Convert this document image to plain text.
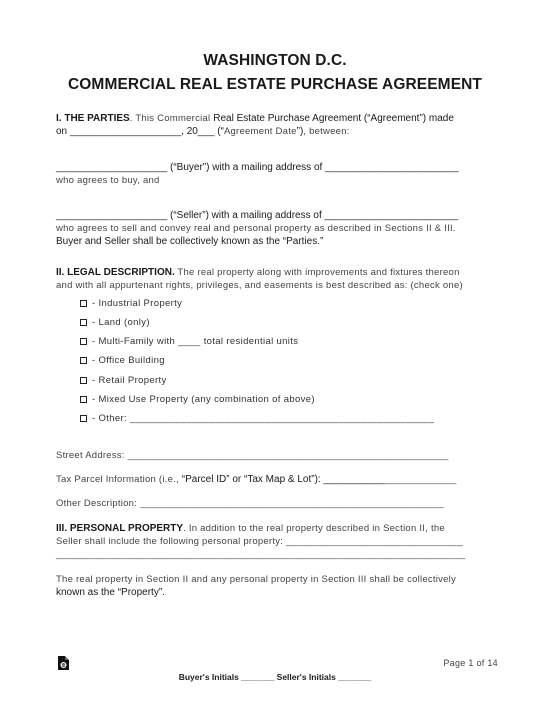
WASHINGTON D.C.
COMMERCIAL REAL ESTATE PURCHASE AGREEMENT
I. THE PARTIES. This Commercial Real Estate Purchase Agreement (“Agreement”) made
on ____________________, 20___ (“Agreement Date”), between:
____________________ (“Buyer”) with a mailing address of ________________________
who agrees to buy, and
____________________ (“Seller”) with a mailing address of ________________________
who agrees to sell and convey real and personal property as described in Sections II & III.
Buyer and Seller shall be collectively known as the “Parties.”
II. LEGAL DESCRIPTION. The real property along with improvements and fixtures thereon
and with all appurtenant rights, privileges, and easements is best described as: (check one)
- Industrial Property
- Land (only)
- Multi-Family with ____ total residential units
- Office Building
- Retail Property
- Mixed Use Property (any combination of above)
- Other: ______________________________________________________
Street Address: __________________________________________________________
Tax Parcel Information (i.e., “Parcel ID” or “Tax Map & Lot”): ________________________
Other Description: _______________________________________________________
III. PERSONAL PROPERTY. In addition to the real property described in Section II, the
Seller shall include the following personal property: ________________________________
__________________________________________________________________________
The real property in Section II and any personal property in Section III shall be collectively
known as the “Property”.
Page 1 of 14
Buyer's Initials _______ Seller's Initials _______
